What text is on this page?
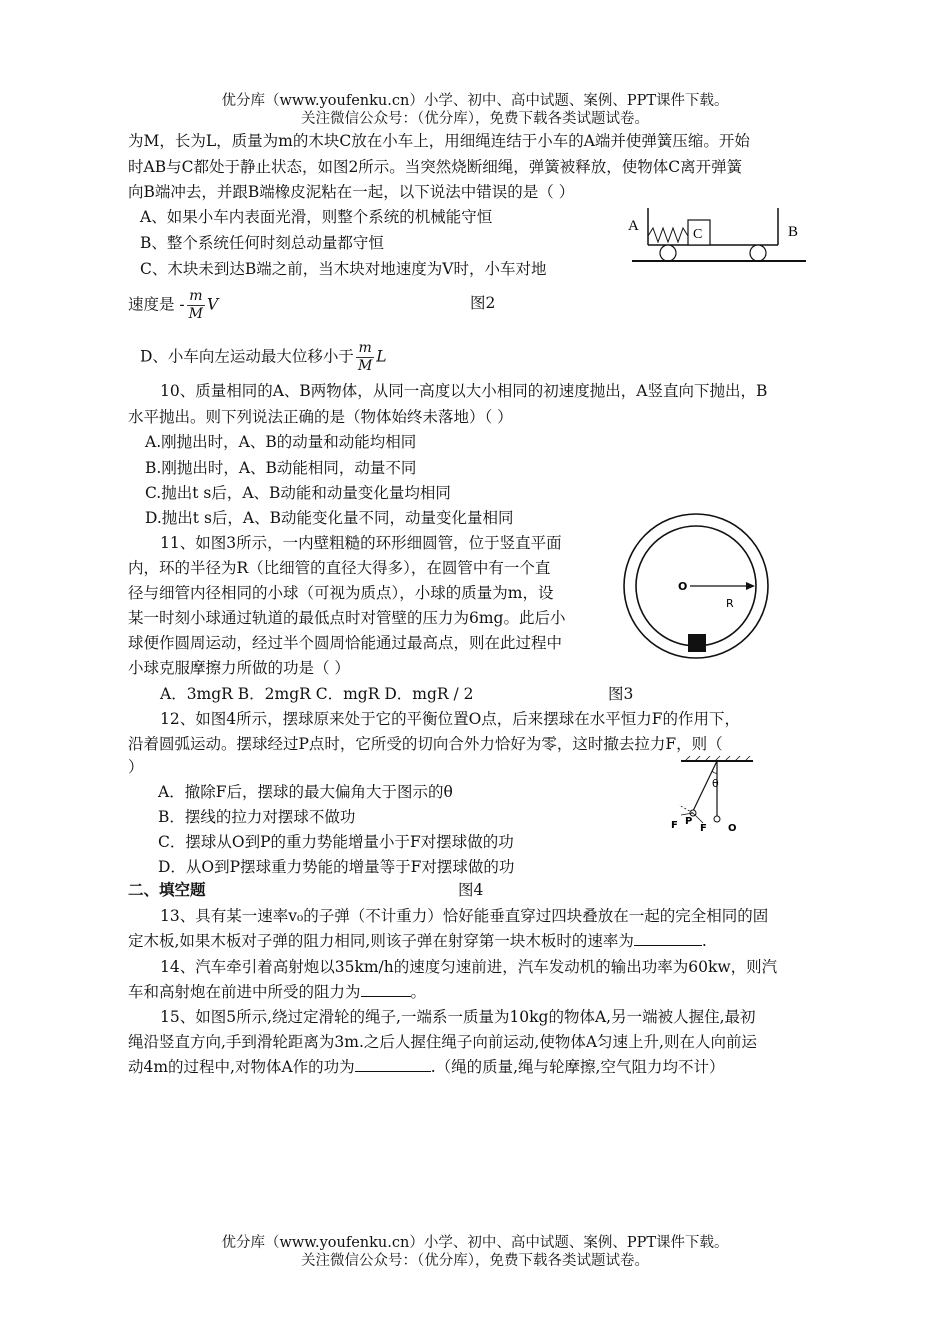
优分库（www.youfenku.cn）小学、初中、高中试题、案例、PPT课件下载。
关注微信公众号：（优分库），免费下载各类试题试卷。
为M，长为L，质量为m的木块C放在小车上，用细绳连结于小车的A端并使弹簧压缩。开始
时AB与C都处于静止状态，如图2所示。当突然烧断细绳，弹簧被释放，使物体C离开弹簧
向B端冲去，并跟B端橡皮泥粘在一起，以下说法中错误的是（ ）
A、如果小车内表面光滑，则整个系统的机械能守恒
B、整个系统任何时刻总动量都守恒
C、木块未到达B端之前，当木块对地速度为V时，小车对地
速度是 - $\frac{m}{M}$ V	图2
D、小车向左运动最大位移小于 $\frac{m}{M}$ L
A	B
C
10、质量相同的A、B两物体，从同一高度以大小相同的初速度抛出，A竖直向下抛出，B
水平抛出。则下列说法正确的是（物体始终未落地）（ ）
A.刚抛出时，A、B的动量和动能均相同
B.刚抛出时，A、B动能相同，动量不同
C.抛出t s后，A、B动能和动量变化量均相同
D.抛出t s后，A、B动能变化量不同，动量变化量相同
11、如图3所示，一内壁粗糙的环形细圆管，位于竖直平面
内，环的半径为R（比细管的直径大得多），在圆管中有一个直
径与细管内径相同的小球（可视为质点），小球的质量为m，设
某一时刻小球通过轨道的最低点时对管壁的压力为6mg。此后小
球便作圆周运动，经过半个圆周恰能通过最高点，则在此过程中
小球克服摩擦力所做的功是（ ）
A．3mgR B．2mgR C．mgR D．mgR / 2	图3
O
R
12、如图4所示，摆球原来处于它的平衡位置O点，后来摆球在水平恒力F的作用下，
沿着圆弧运动。摆球经过P点时，它所受的切向合外力恰好为零，这时撤去拉力F，则（
）
A．撤除F后，摆球的最大偏角大于图示的θ
B．摆线的拉力对摆球不做功
C．摆球从O到P的重力势能增量小于F对摆球做的功
D．从O到P摆球重力势能的增量等于F对摆球做的功
θ
F P
F O
二、填空题	图4
13、具有某一速率v₀的子弹（不计重力）恰好能垂直穿过四块叠放在一起的完全相同的固
定木板,如果木板对子弹的阻力相同,则该子弹在射穿第一块木板时的速率为	.
14、汽车牵引着高射炮以35km/h的速度匀速前进，汽车发动机的输出功率为60kw，则汽
车和高射炮在前进中所受的阻力为	。
15、如图5所示,绕过定滑轮的绳子,一端系一质量为10kg的物体A,另一端被人握住,最初
绳沿竖直方向,手到滑轮距离为3m.之后人握住绳子向前运动,使物体A匀速上升,则在人向前运
动4m的过程中,对物体A作的功为	.（绳的质量,绳与轮摩擦,空气阻力均不计）
优分库（www.youfenku.cn）小学、初中、高中试题、案例、PPT课件下载。
关注微信公众号：（优分库），免费下载各类试题试卷。
